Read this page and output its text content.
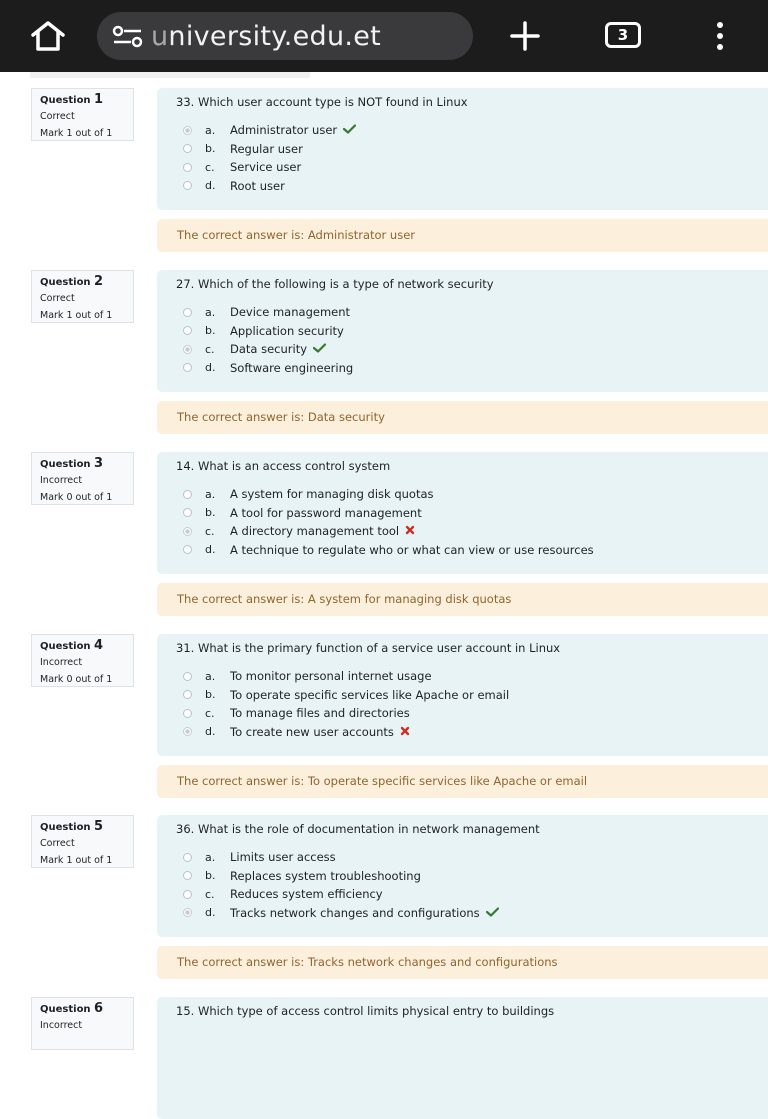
university.edu.et	3
Question 1
Correct
Mark 1 out of 1
33. Which user account type is NOT found in Linux
a.	Administrator user
b.	Regular user
c.	Service user
d.	Root user
The correct answer is: Administrator user
Question 2
Correct
Mark 1 out of 1
27. Which of the following is a type of network security
a.	Device management
b.	Application security
c.	Data security
d.	Software engineering
The correct answer is: Data security
Question 3
Incorrect
Mark 0 out of 1
14. What is an access control system
a.	A system for managing disk quotas
b.	A tool for password management
c.	A directory management tool
d.	A technique to regulate who or what can view or use resources
The correct answer is: A system for managing disk quotas
Question 4
Incorrect
Mark 0 out of 1
31. What is the primary function of a service user account in Linux
a.	To monitor personal internet usage
b.	To operate specific services like Apache or email
c.	To manage files and directories
d.	To create new user accounts
The correct answer is: To operate specific services like Apache or email
Question 5
Correct
Mark 1 out of 1
36. What is the role of documentation in network management
a.	Limits user access
b.	Replaces system troubleshooting
c.	Reduces system efficiency
d.	Tracks network changes and configurations
The correct answer is: Tracks network changes and configurations
Question 6
Incorrect
15. Which type of access control limits physical entry to buildings
